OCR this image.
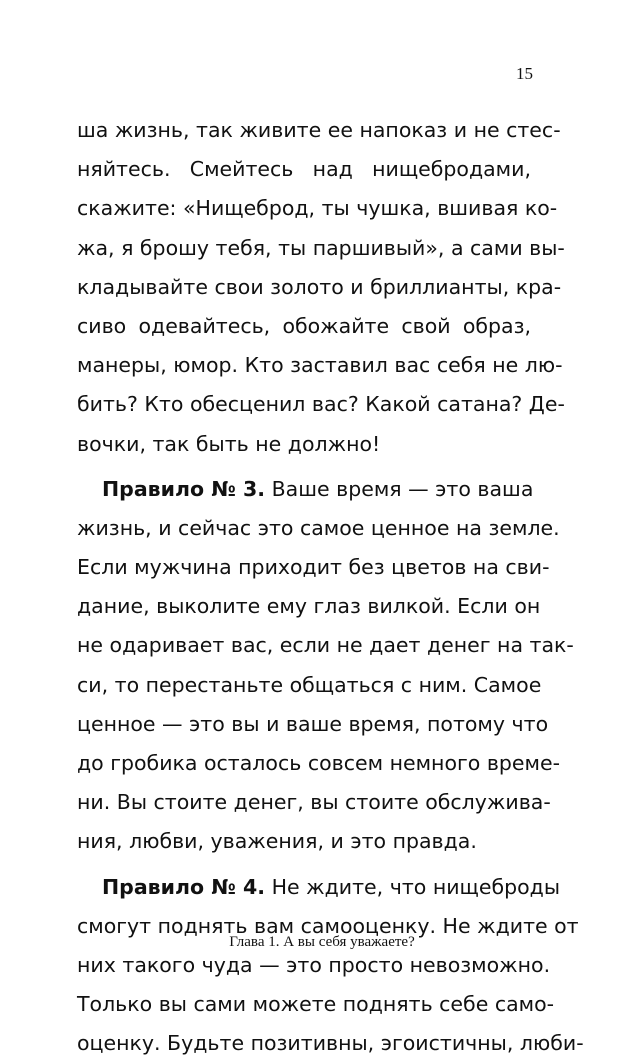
15
ша жизнь, так живите ее напоказ и не стес-
няйтесь. Смейтесь над нищебродами,
скажите: «Нищеброд, ты чушка, вшивая ко-
жа, я брошу тебя, ты паршивый», а сами вы-
кладывайте свои золото и бриллианты, кра-
сиво одевайтесь, обожайте свой образ,
манеры, юмор. Кто заставил вас себя не лю-
бить? Кто обесценил вас? Какой сатана? Де-
вочки, так быть не должно!
Правило № 3. Ваше время — это ваша
жизнь, и сейчас это самое ценное на земле.
Если мужчина приходит без цветов на сви-
дание, выколите ему глаз вилкой. Если он
не одаривает вас, если не дает денег на так-
си, то перестаньте общаться с ним. Самое
ценное — это вы и ваше время, потому что
до гробика осталось совсем немного време-
ни. Вы стоите денег, вы стоите обслужива-
ния, любви, уважения, и это правда.
Правило № 4. Не ждите, что нищеброды
смогут поднять вам самооценку. Не ждите от
них такого чуда — это просто невозможно.
Только вы сами можете поднять себе само-
оценку. Будьте позитивны, эгоистичны, люби-
Глава 1. А вы себя уважаете?
